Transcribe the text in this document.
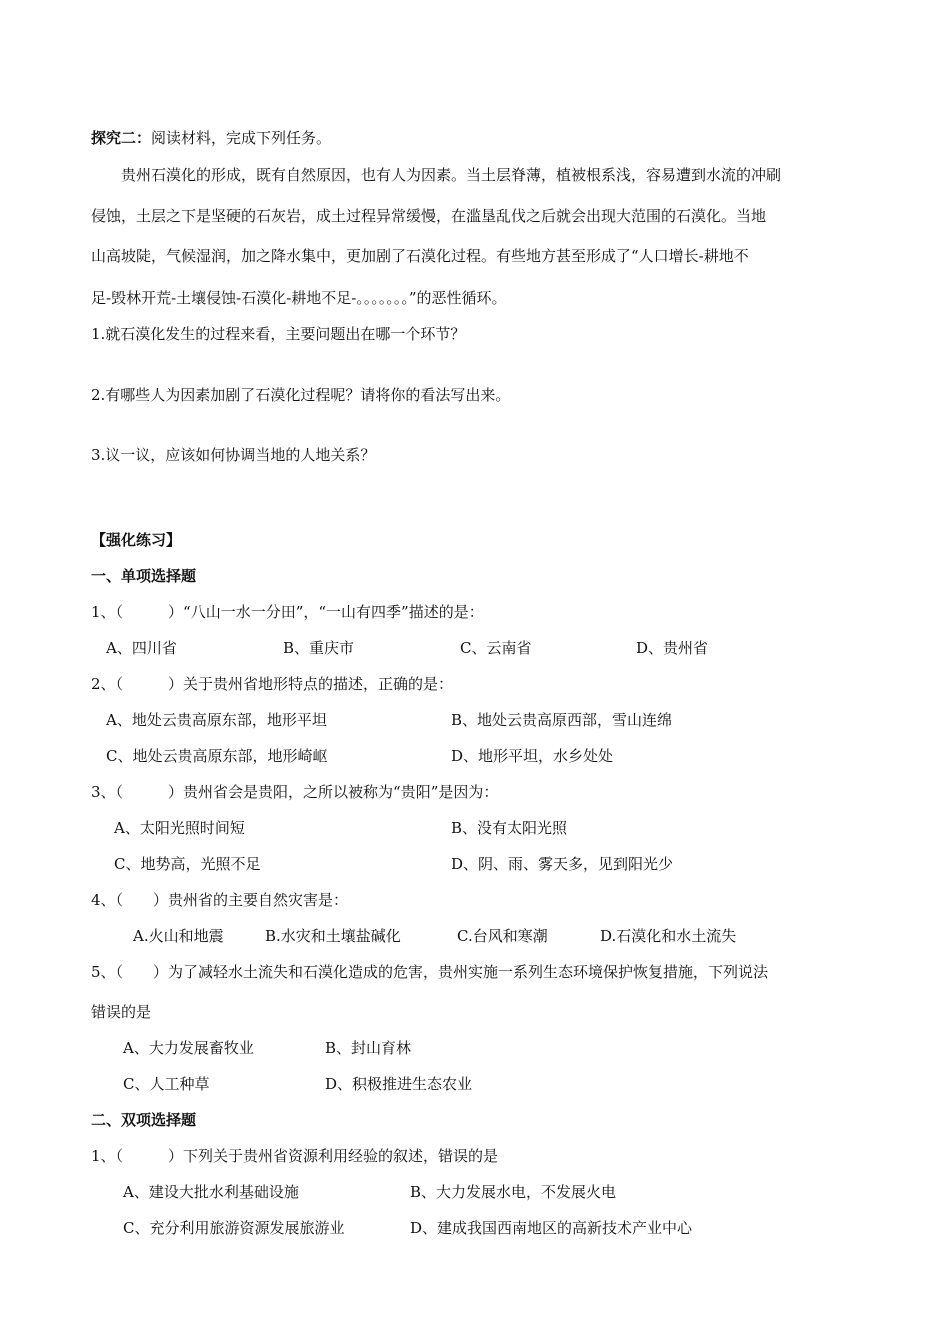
探究二：阅读材料，完成下列任务。
贵州石漠化的形成，既有自然原因，也有人为因素。当土层脊薄，植被根系浅，容易遭到水流的冲刷
侵蚀，土层之下是坚硬的石灰岩，成土过程异常缓慢，在滥垦乱伐之后就会出现大范围的石漠化。当地
山高坡陡，气候湿润，加之降水集中，更加剧了石漠化过程。有些地方甚至形成了“人口增长-耕地不
足-毁林开荒-土壤侵蚀-石漠化-耕地不足-。。。。。。。”的恶性循环。
1.就石漠化发生的过程来看，主要问题出在哪一个环节？
2.有哪些人为因素加剧了石漠化过程呢？请将你的看法写出来。
3.议一议，应该如何协调当地的人地关系？
【强化练习】
一、单项选择题
1、（　　　）“八山一水一分田”，“一山有四季”描述的是：
A、四川省	B、重庆市	C、云南省	D、贵州省
2、（　　　）关于贵州省地形特点的描述，正确的是：
A、地处云贵高原东部，地形平坦	B、地处云贵高原西部，雪山连绵
C、地处云贵高原东部，地形崎岖	D、地形平坦，水乡处处
3、（　　　）贵州省会是贵阳，之所以被称为“贵阳”是因为：
A、太阳光照时间短	B、没有太阳光照
C、地势高，光照不足	D、阴、雨、雾天多，见到阳光少
4、（　　）贵州省的主要自然灾害是：
A.火山和地震	B.水灾和土壤盐碱化	C.台风和寒潮	D.石漠化和水土流失
5、（　　）为了减轻水土流失和石漠化造成的危害，贵州实施一系列生态环境保护恢复措施，下列说法
错误的是
A、大力发展畜牧业	B、封山育林
C、人工种草	D、积极推进生态农业
二、双项选择题
1、（　　　）下列关于贵州省资源利用经验的叙述，错误的是
A、建设大批水利基础设施	B、大力发展水电，不发展火电
C、充分利用旅游资源发展旅游业	D、建成我国西南地区的高新技术产业中心
